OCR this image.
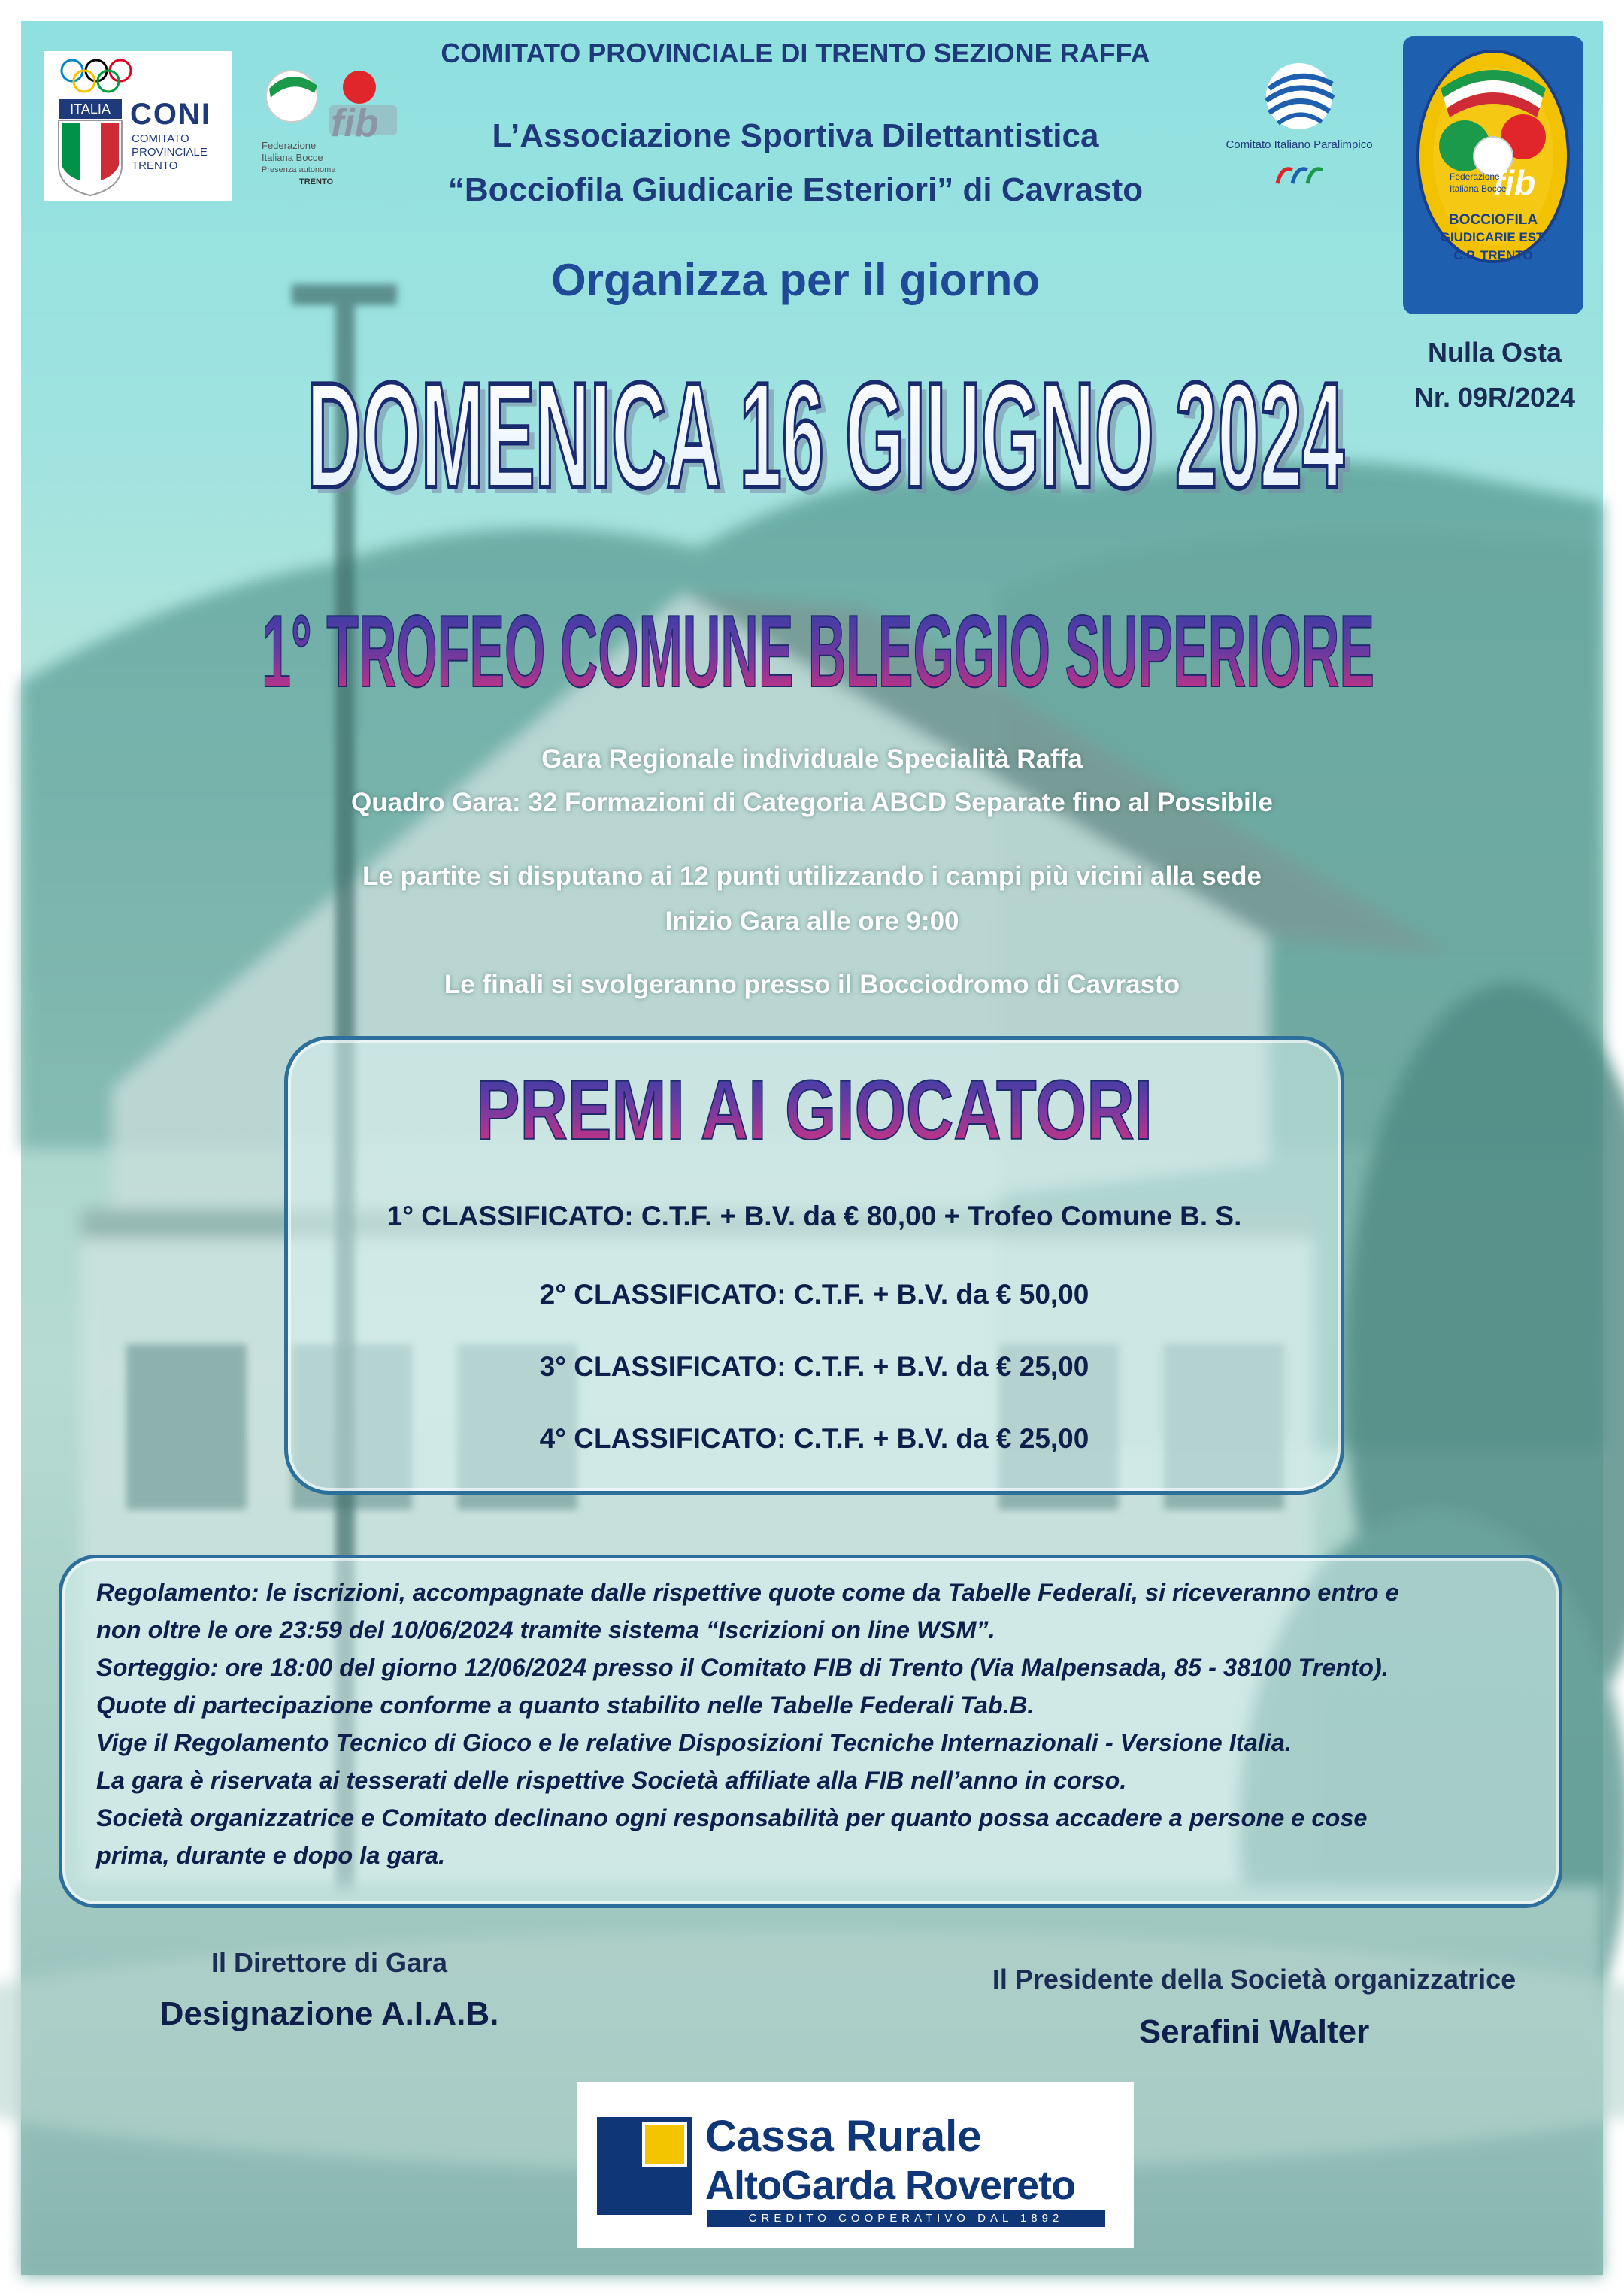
ITALIA CONI
COMITATO
PROVINCIALE
TRENTO
fib
Federazione
Italiana Bocce
Presenza autonoma
TRENTO
Comitato Italiano Paralimpico
fib
Federazione
Italiana Bocce
BOCCIOFILA
GIUDICARIE EST.
C.P. TRENTO
COMITATO PROVINCIALE DI TRENTO SEZIONE RAFFA
L’Associazione Sportiva Dilettantistica
“Bocciofila Giudicarie Esteriori” di Cavrasto
Organizza per il giorno
Nulla Osta
Nr. 09R/2024
DOMENICA 16 GIUGNO 2024
DOMENICA 16 GIUGNO 2024
1° TROFEO COMUNE BLEGGIO SUPERIORE
Gara Regionale individuale Specialità Raffa
Quadro Gara: 32 Formazioni di Categoria ABCD Separate fino al Possibile
Le partite si disputano ai 12 punti utilizzando i campi più vicini alla sede
Inizio Gara alle ore 9:00
Le finali si svolgeranno presso il Bocciodromo di Cavrasto
PREMI AI GIOCATORI
1° CLASSIFICATO: C.T.F. + B.V. da € 80,00 + Trofeo Comune B. S.
2° CLASSIFICATO: C.T.F. + B.V. da € 50,00
3° CLASSIFICATO: C.T.F. + B.V. da € 25,00
4° CLASSIFICATO: C.T.F. + B.V. da € 25,00
Regolamento: le iscrizioni, accompagnate dalle rispettive quote come da Tabelle Federali, si riceveranno entro e
non oltre le ore 23:59 del 10/06/2024 tramite sistema “Iscrizioni on line WSM”.
Sorteggio: ore 18:00 del giorno 12/06/2024 presso il Comitato FIB di Trento (Via Malpensada, 85 - 38100 Trento).
Quote di partecipazione conforme a quanto stabilito nelle Tabelle Federali Tab.B.
Vige il Regolamento Tecnico di Gioco e le relative Disposizioni Tecniche Internazionali - Versione Italia.
La gara è riservata ai tesserati delle rispettive Società affiliate alla FIB nell’anno in corso.
Società organizzatrice e Comitato declinano ogni responsabilità per quanto possa accadere a persone e cose
prima, durante e dopo la gara.
Il Direttore di Gara
Designazione A.I.A.B.
Il Presidente della Società organizzatrice
Serafini Walter
Cassa Rurale
AltoGarda Rovereto
CREDITO COOPERATIVO DAL 1892
